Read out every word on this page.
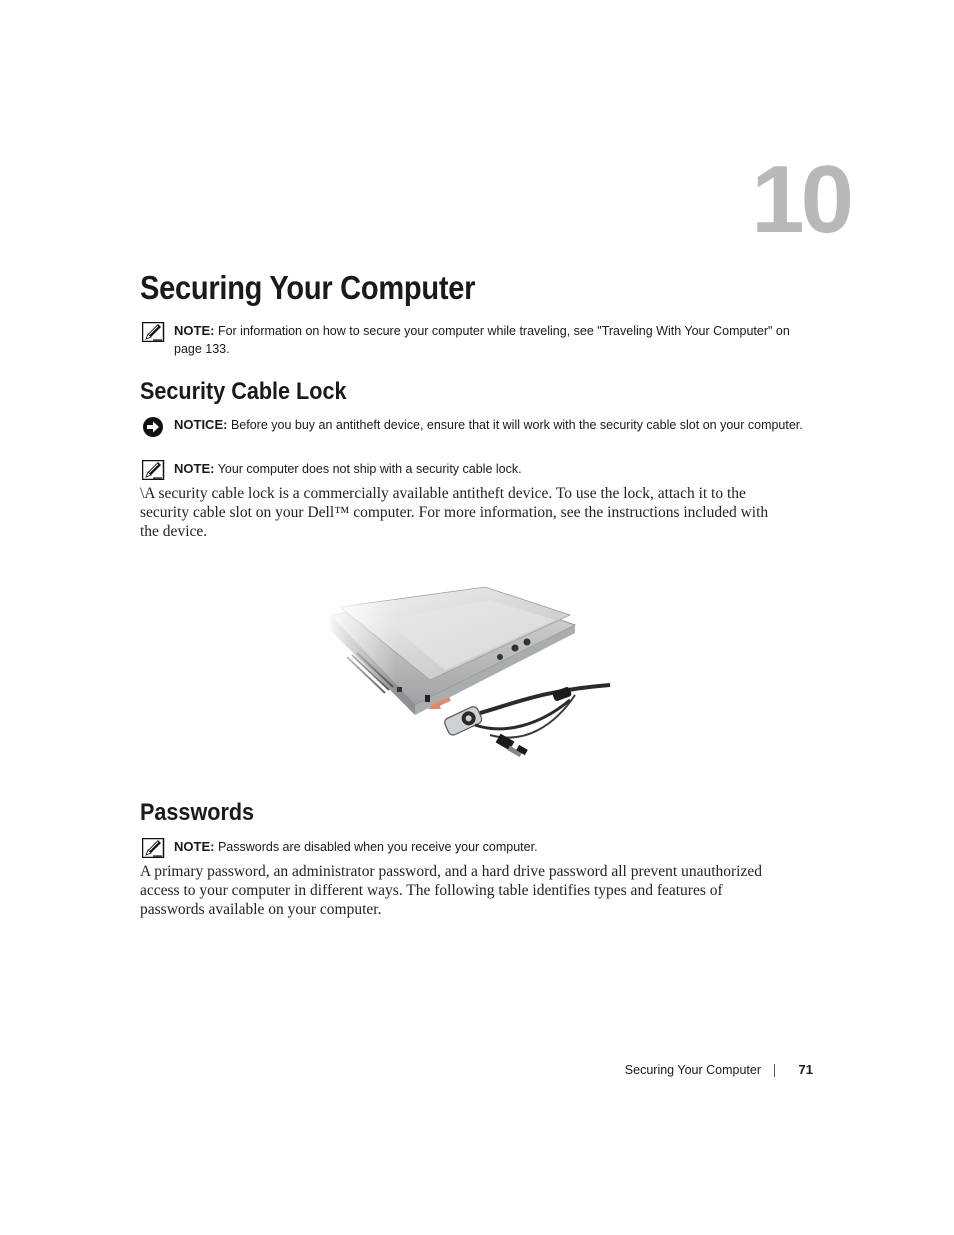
10
Securing Your Computer
NOTE: For information on how to secure your computer while traveling, see "Traveling With Your Computer" on page 133.
Security Cable Lock
NOTICE: Before you buy an antitheft device, ensure that it will work with the security cable slot on your computer.
NOTE: Your computer does not ship with a security cable lock.

\A security cable lock is a commercially available antitheft device. To use the lock, attach it to the security cable slot on your Dell™ computer. For more information, see the instructions included with the device.

Passwords
NOTE: Passwords are disabled when you receive your computer.

A primary password, an administrator password, and a hard drive password all prevent unauthorized access to your computer in different ways. The following table identifies types and features of passwords available on your computer.

Securing Your Computer	71
